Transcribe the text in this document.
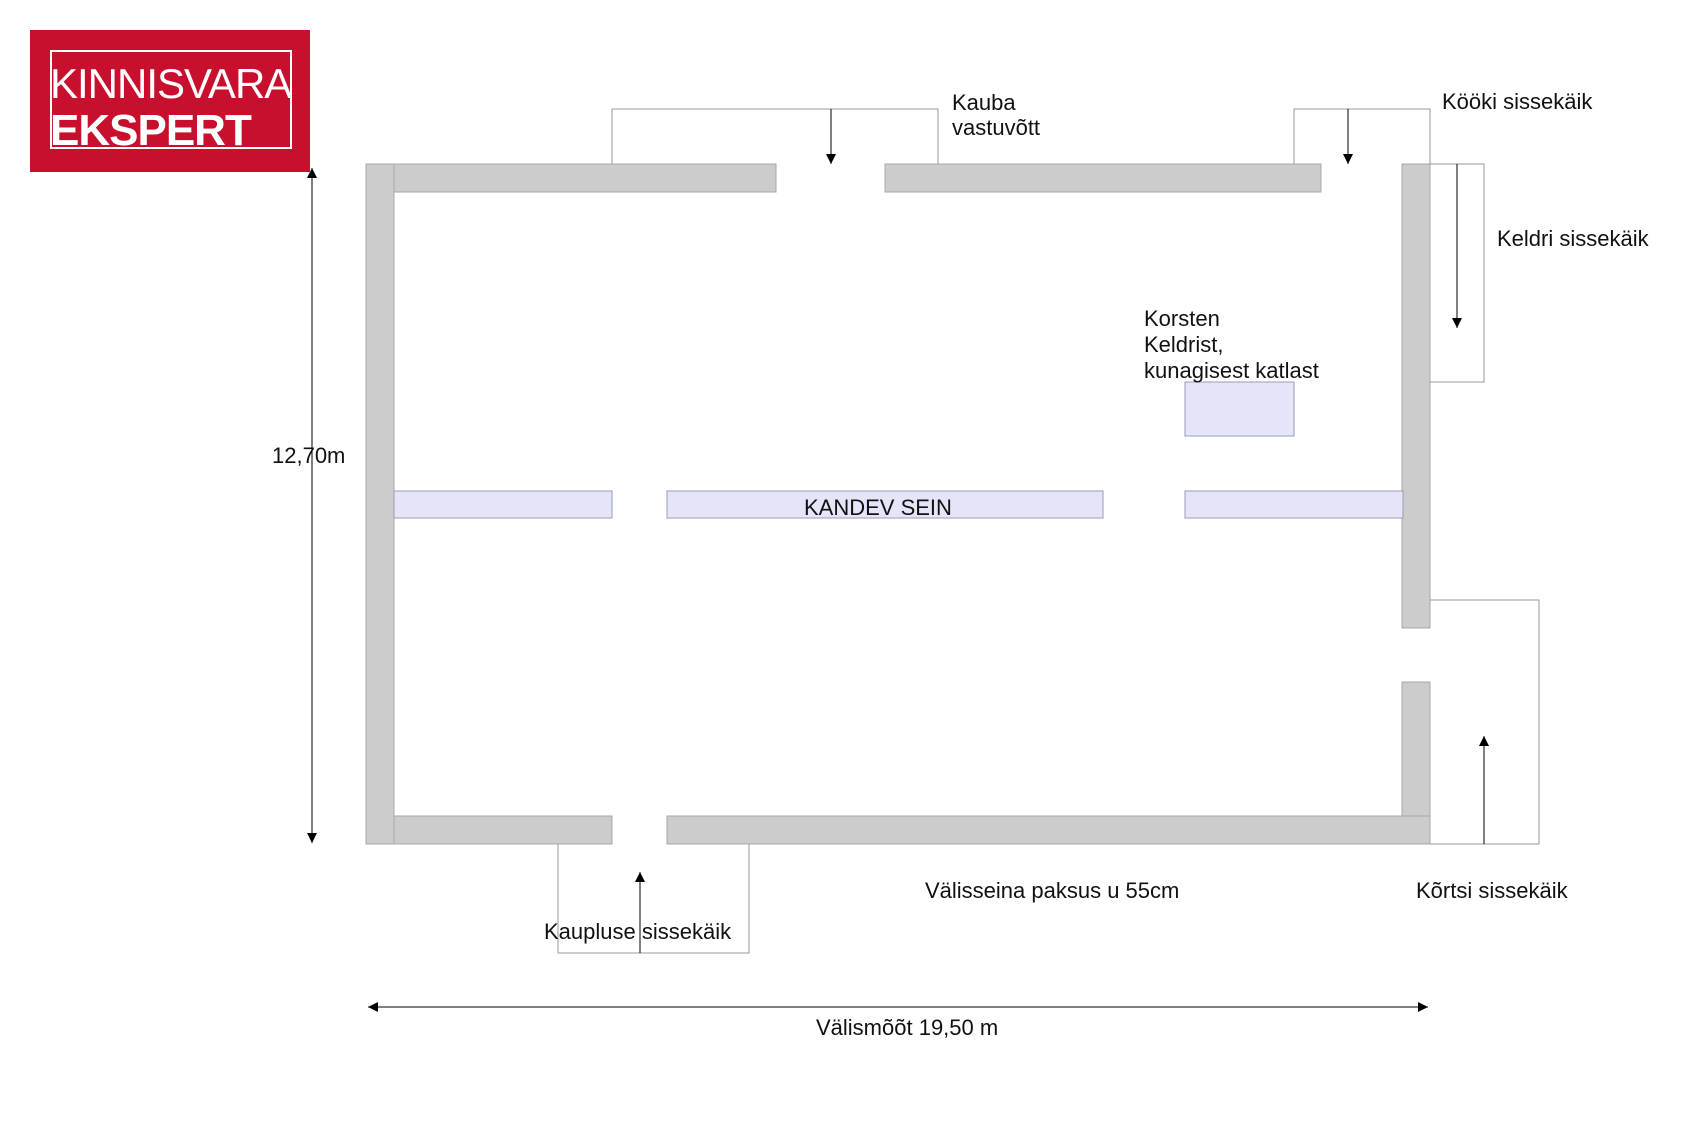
KINNISVARA
EKSPERT
Kauba
vastuvõtt
Kööki sissekäik
Keldri sissekäik
Korsten
Keldrist,
kunagisest katlast
12,70m
KANDEV SEIN
Kaupluse sissekäik
Välisseina paksus u 55cm	Kõrtsi sissekäik
Välismõõt 19,50 m
